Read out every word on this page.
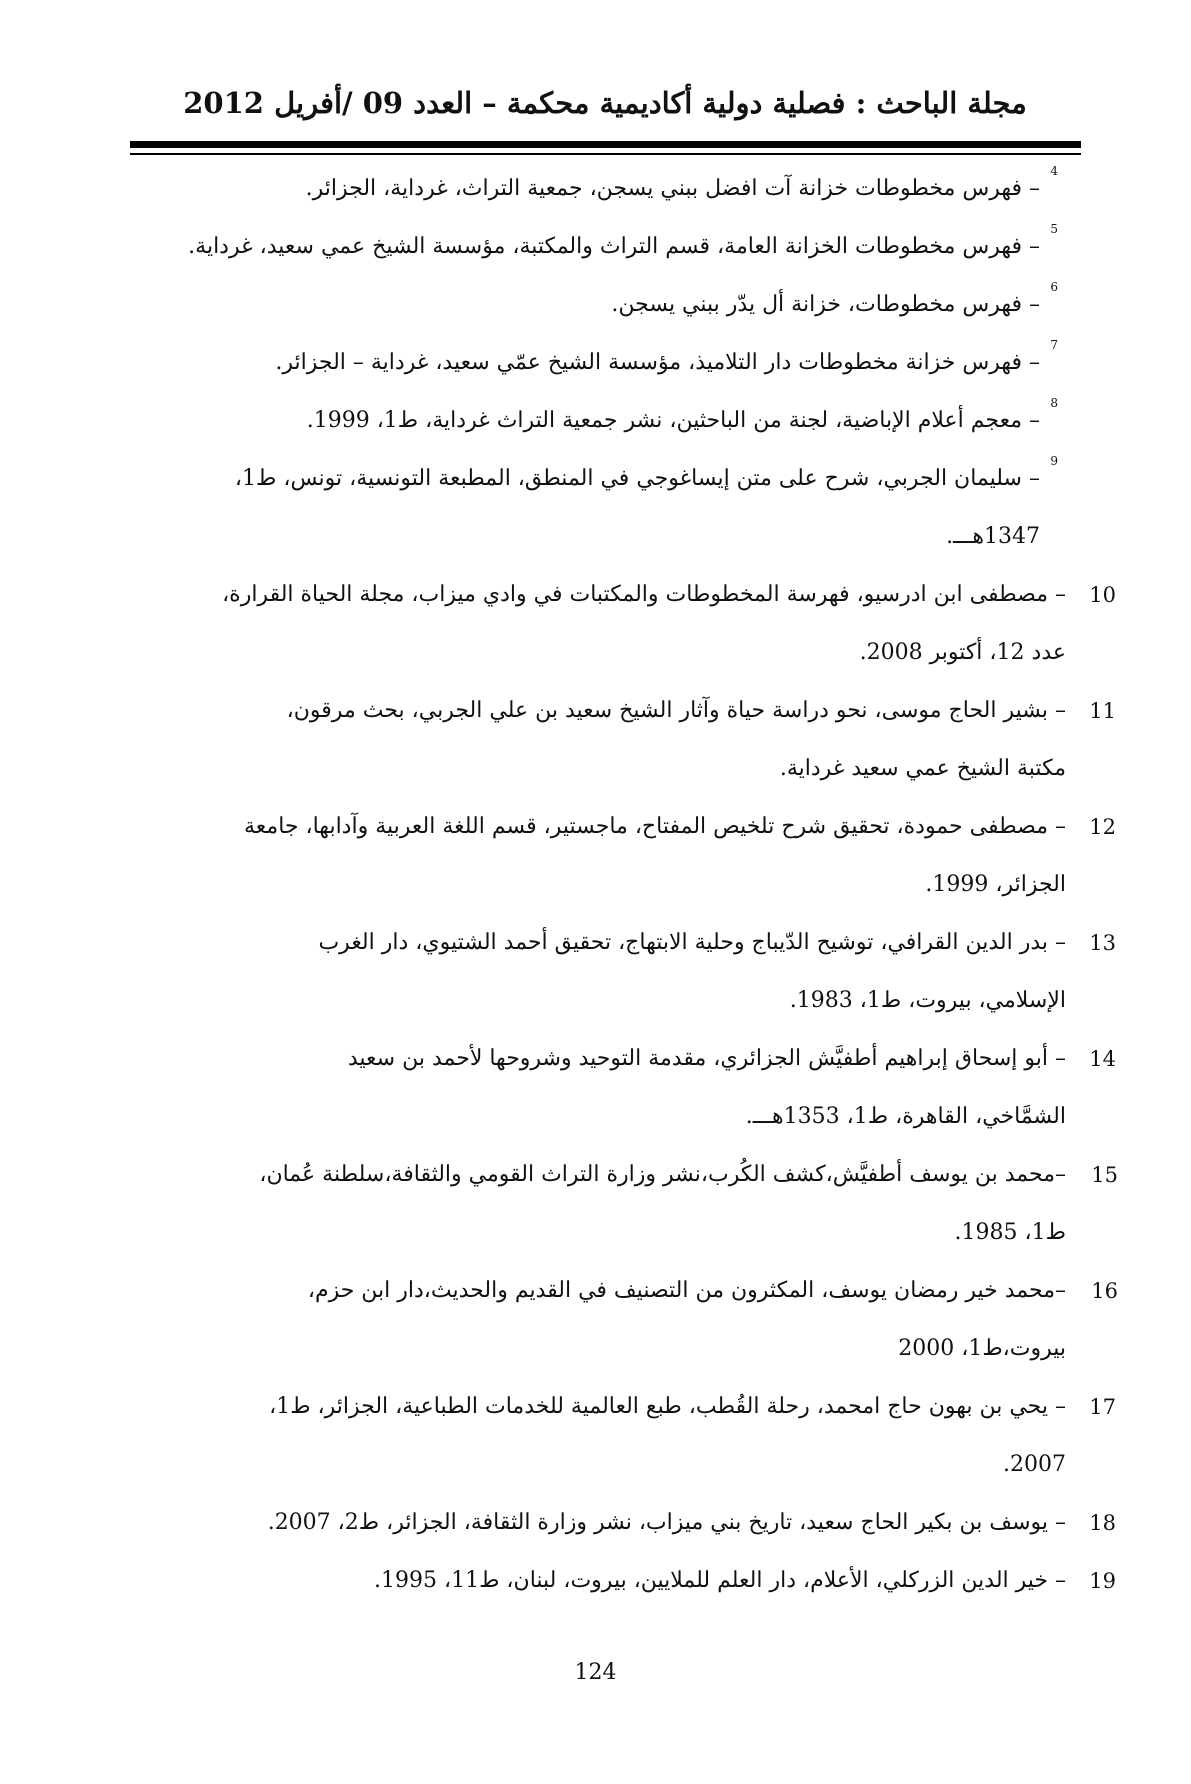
مجلة الباحث : فصلية دولية أكاديمية محكمة – العدد 09 /أفريل 2012
4
– فهرس مخطوطات خزانة آت افضل ببني يسجن، جمعية التراث، غرداية، الجزائر.
5
– فهرس مخطوطات الخزانة العامة، قسم التراث والمكتبة، مؤسسة الشيخ عمي سعيد، غرداية.
6
– فهرس مخطوطات، خزانة أل يدّر ببني يسجن.
7
– فهرس خزانة مخطوطات دار التلاميذ، مؤسسة الشيخ عمّي سعيد، غرداية – الجزائر.
8
– معجم أعلام الإباضية، لجنة من الباحثين، نشر جمعية التراث غرداية، ط1، 1999.
9
– سليمان الجربي، شرح على متن إيساغوجي في المنطق، المطبعة التونسية، تونس، ط1،
1347هـــ.
10
– مصطفى ابن ادرسيو، فهرسة المخطوطات والمكتبات في وادي ميزاب، مجلة الحياة القرارة،
عدد 12، أكتوبر 2008.
11
– بشير الحاج موسى، نحو دراسة حياة وآثار الشيخ سعيد بن علي الجربي، بحث مرقون،
مكتبة الشيخ عمي سعيد غرداية.
12
– مصطفى حمودة، تحقيق شرح تلخيص المفتاح، ماجستير، قسم اللغة العربية وآدابها، جامعة
الجزائر، 1999.
13
– بدر الدين القرافي، توشيح الدّيباج وحلية الابتهاج، تحقيق أحمد الشتيوي، دار الغرب
الإسلامي، بيروت، ط1، 1983.
14
– أبو إسحاق إبراهيم أطفيَّش الجزائري، مقدمة التوحيد وشروحها لأحمد بن سعيد
الشمَّاخي، القاهرة، ط1، 1353هـــ.
15
–محمد بن يوسف أطفيَّش،كشف الكُرب،نشر وزارة التراث القومي والثقافة،سلطنة عُمان،
ط1، 1985.
16
–محمد خير رمضان يوسف، المكثرون من التصنيف في القديم والحديث،دار ابن حزم،
بيروت،ط1، 2000
17
– يحي بن بهون حاج امحمد، رحلة القُطب، طبع العالمية للخدمات الطباعية، الجزائر، ط1،
2007.
18
– يوسف بن بكير الحاج سعيد، تاريخ بني ميزاب، نشر وزارة الثقافة، الجزائر، ط2، 2007.
19
– خير الدين الزركلي، الأعلام، دار العلم للملايين، بيروت، لبنان، ط11، 1995.
124
